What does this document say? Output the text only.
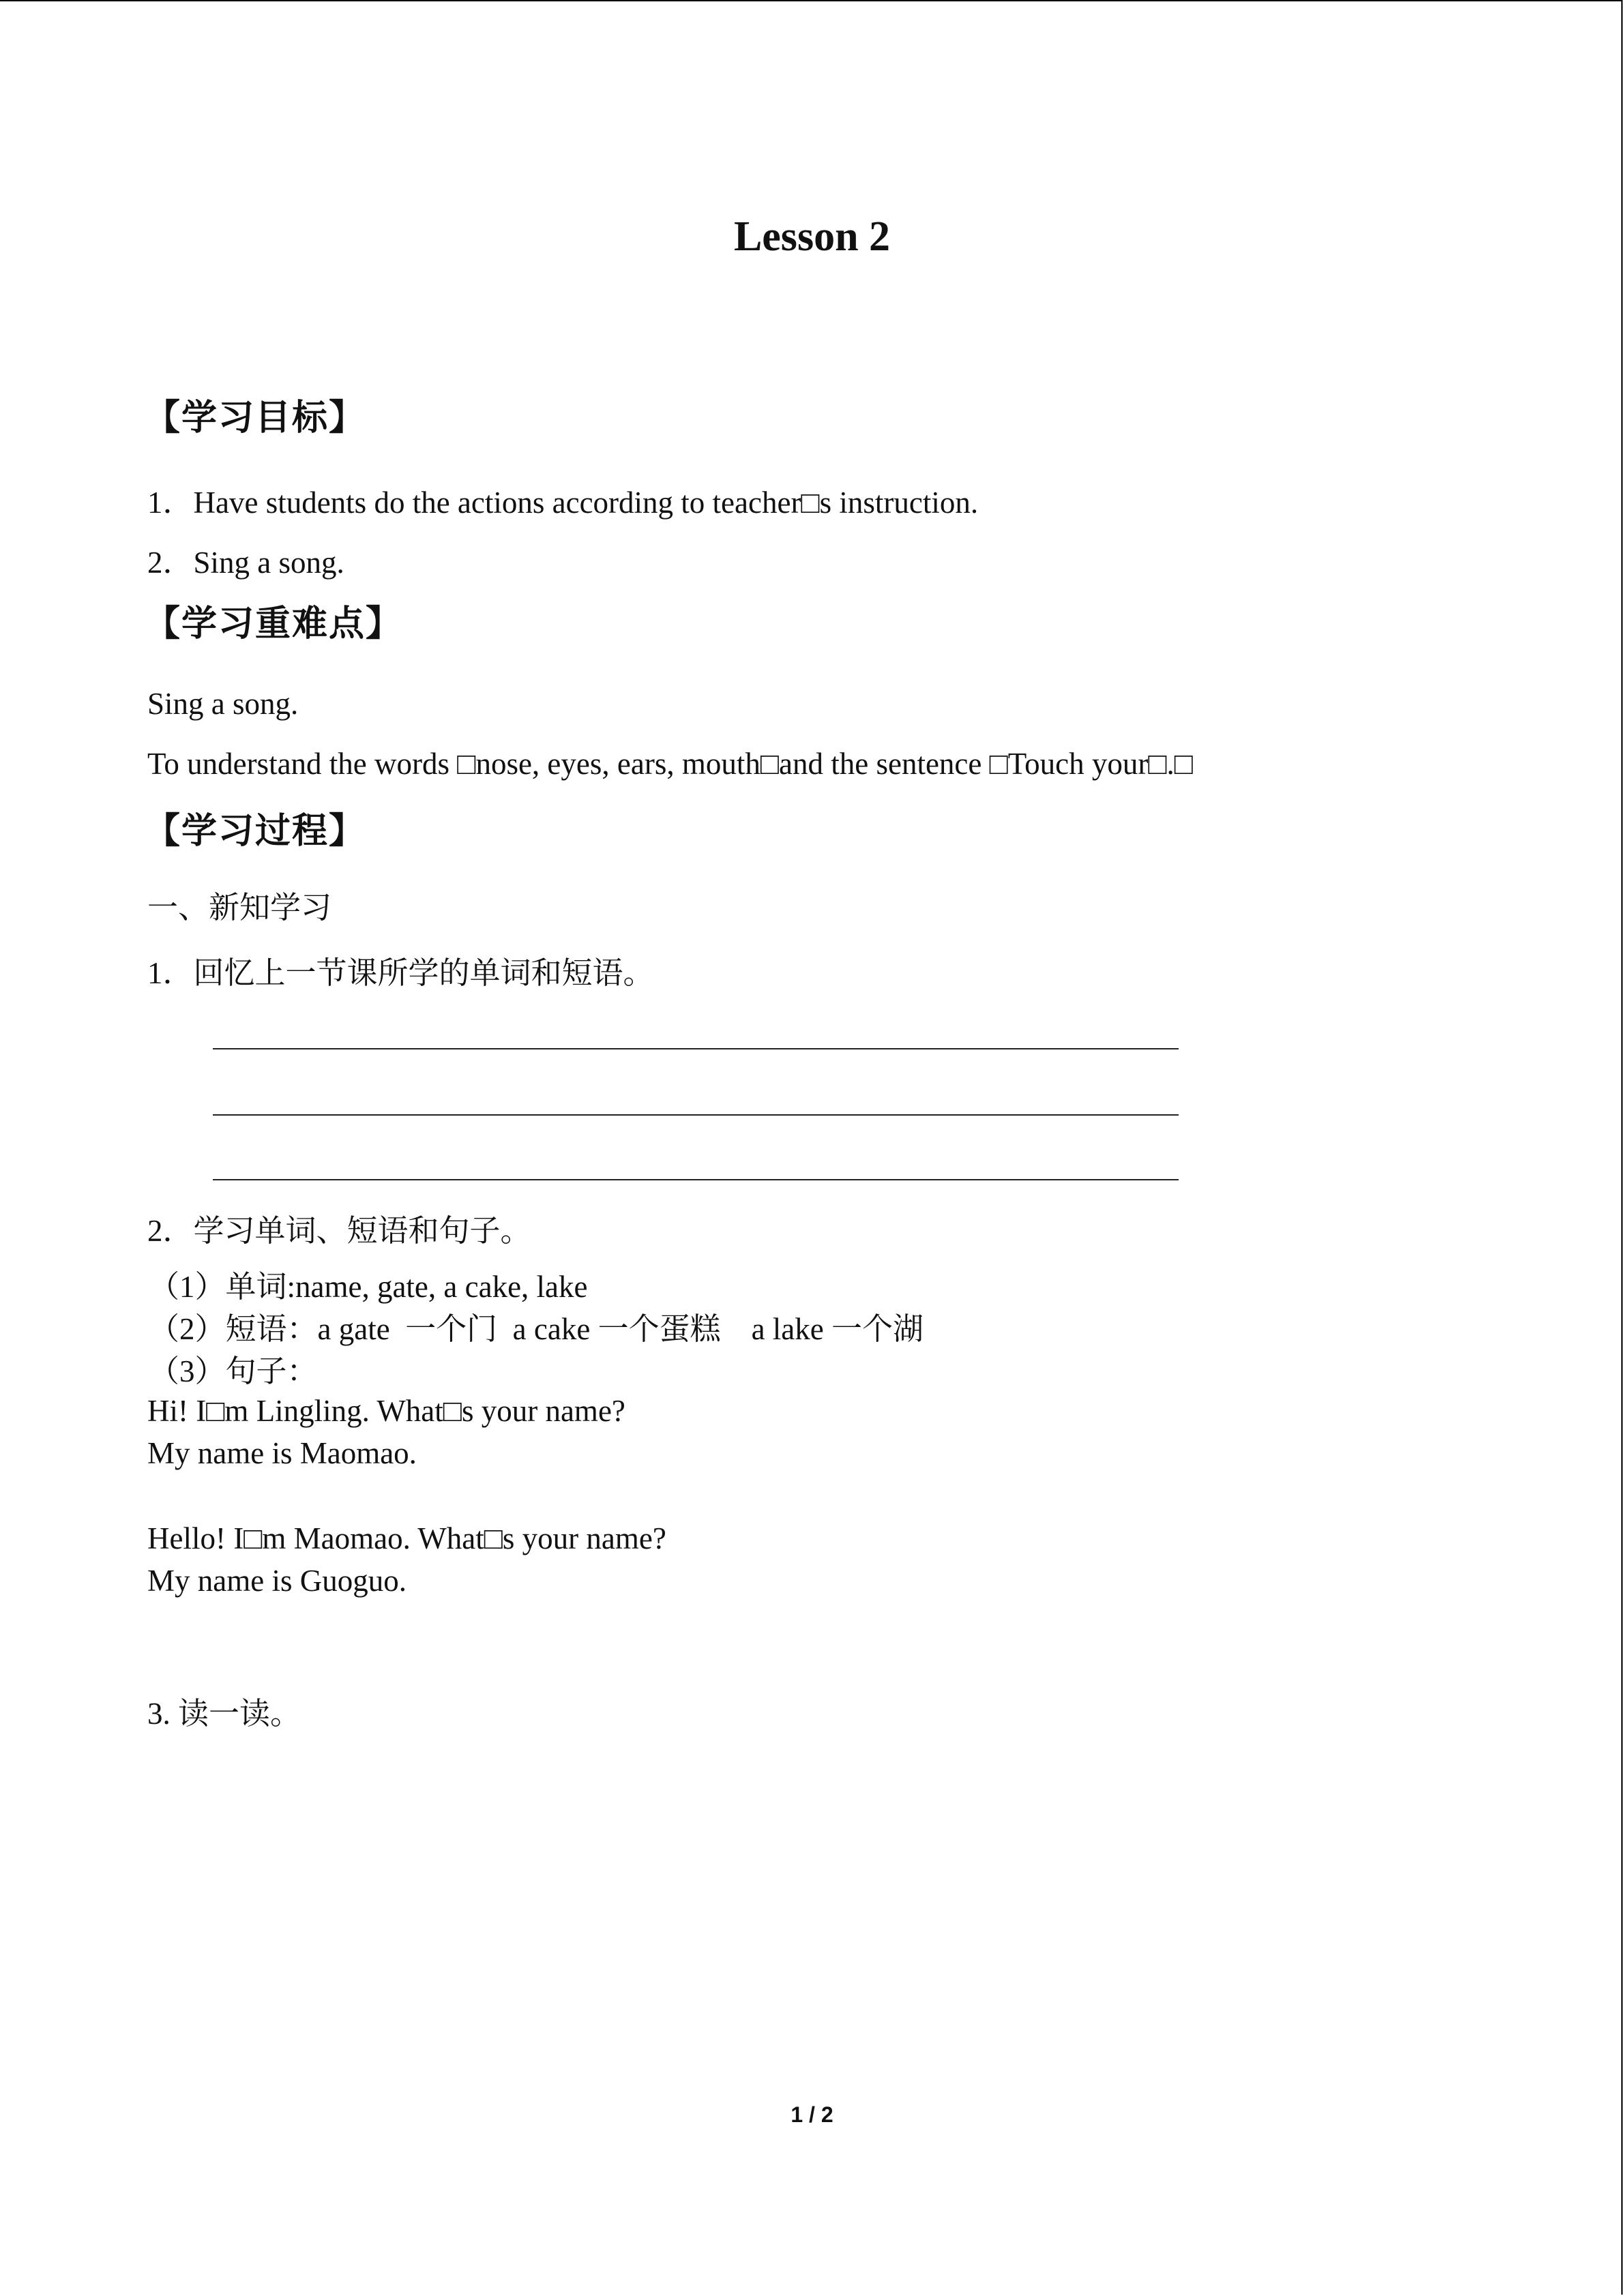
Lesson 2
【学习目标】
1．Have students do the actions according to teacher□s instruction.
2．Sing a song.
【学习重难点】
Sing a song.
To understand the words □nose, eyes, ears, mouth□and the sentence □Touch your□.□
【学习过程】
一、新知学习
1．回忆上一节课所学的单词和短语。
2．学习单词、短语和句子。
（1）单词:name, gate, a cake, lake
（2）短语：a gate  一个门  a cake 一个蛋糕    a lake 一个湖
（3）句子：
Hi! I□m Lingling. What□s your name?
My name is Maomao.
Hello! I□m Maomao. What□s your name?
My name is Guoguo.
3. 读一读。
1 / 2
